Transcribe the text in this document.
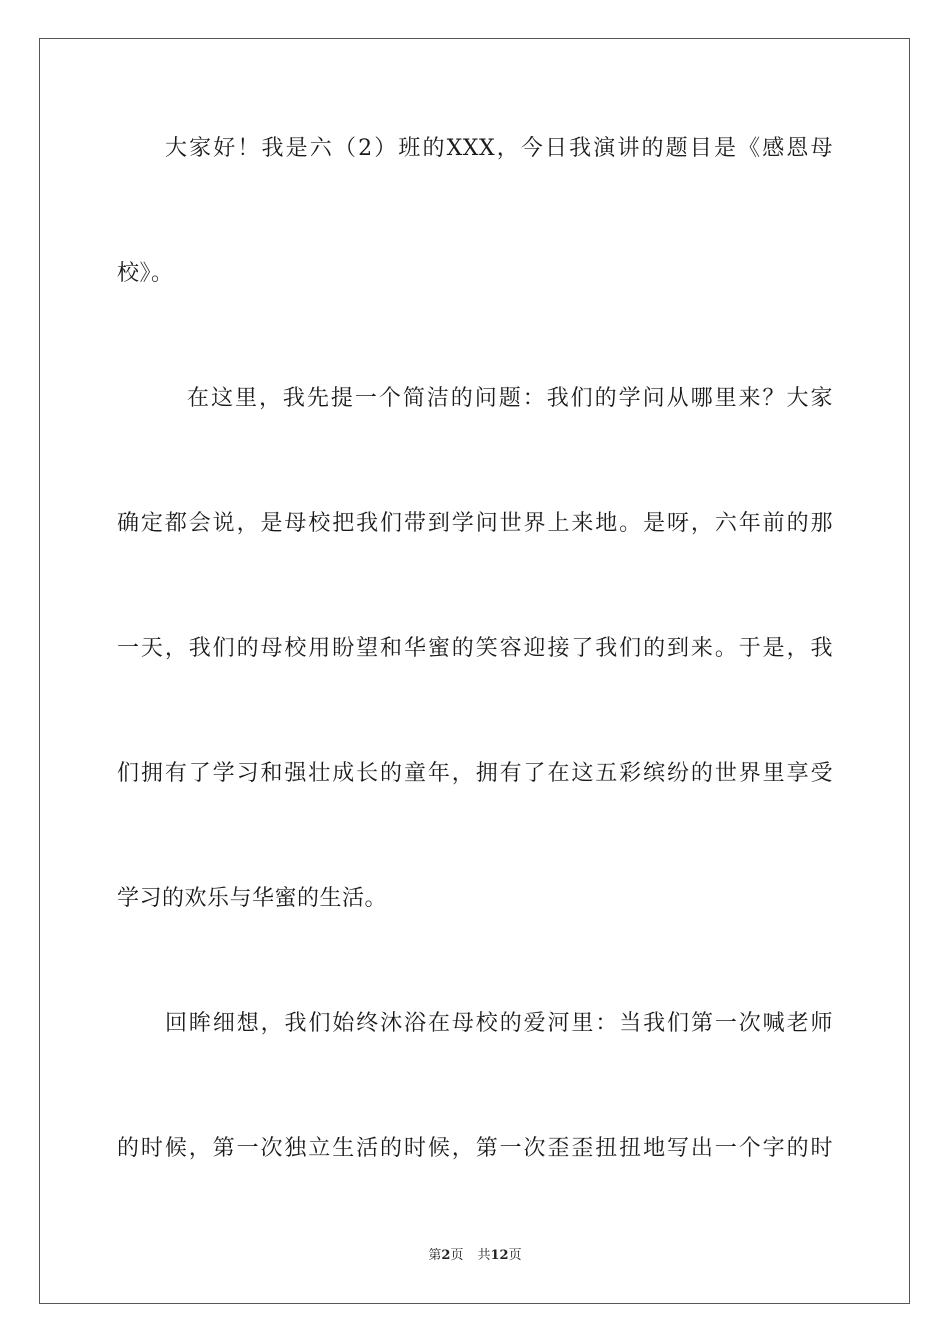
大家好！我是六（2）班的XXX，今日我演讲的题目是《感恩母
校》。
在这里，我先提一个简洁的问题：我们的学问从哪里来？大家
确定都会说，是母校把我们带到学问世界上来地。是呀，六年前的那
一天，我们的母校用盼望和华蜜的笑容迎接了我们的到来。于是，我
们拥有了学习和强壮成长的童年，拥有了在这五彩缤纷的世界里享受
学习的欢乐与华蜜的生活。
回眸细想，我们始终沐浴在母校的爱河里：当我们第一次喊老师
的时候，第一次独立生活的时候，第一次歪歪扭扭地写出一个字的时
第2页 共12页
